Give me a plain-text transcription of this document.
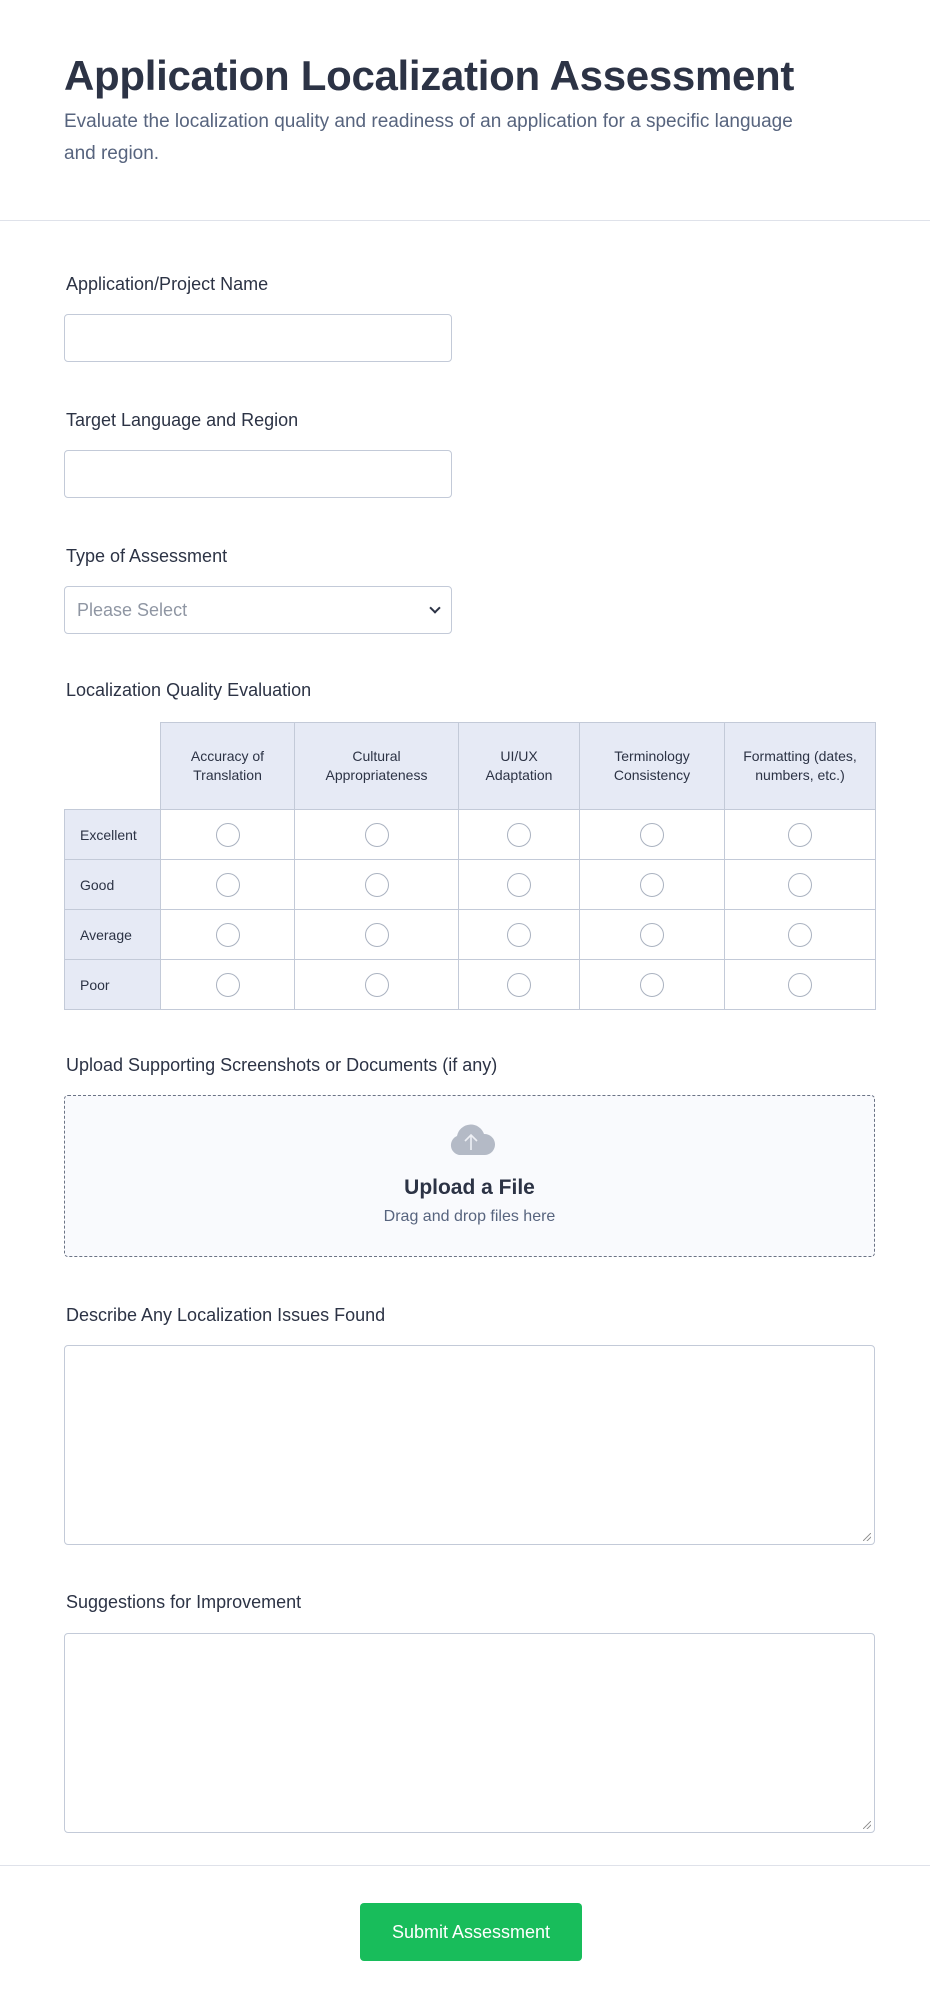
Application Localization Assessment

Evaluate the localization quality and readiness of an application for a specific language and region.

Application/Project Name
Target Language and Region
Type of Assessment
Please Select
Localization Quality Evaluation
	Accuracy of Translation	Cultural Appropriateness	UI/UX Adaptation	Terminology Consistency	Formatting (dates, numbers, etc.)
Excellent					
Good					
Average					
Poor					
Upload Supporting Screenshots or Documents (if any)
Upload a File
Drag and drop files here
Describe Any Localization Issues Found
Suggestions for Improvement
Submit Assessment
